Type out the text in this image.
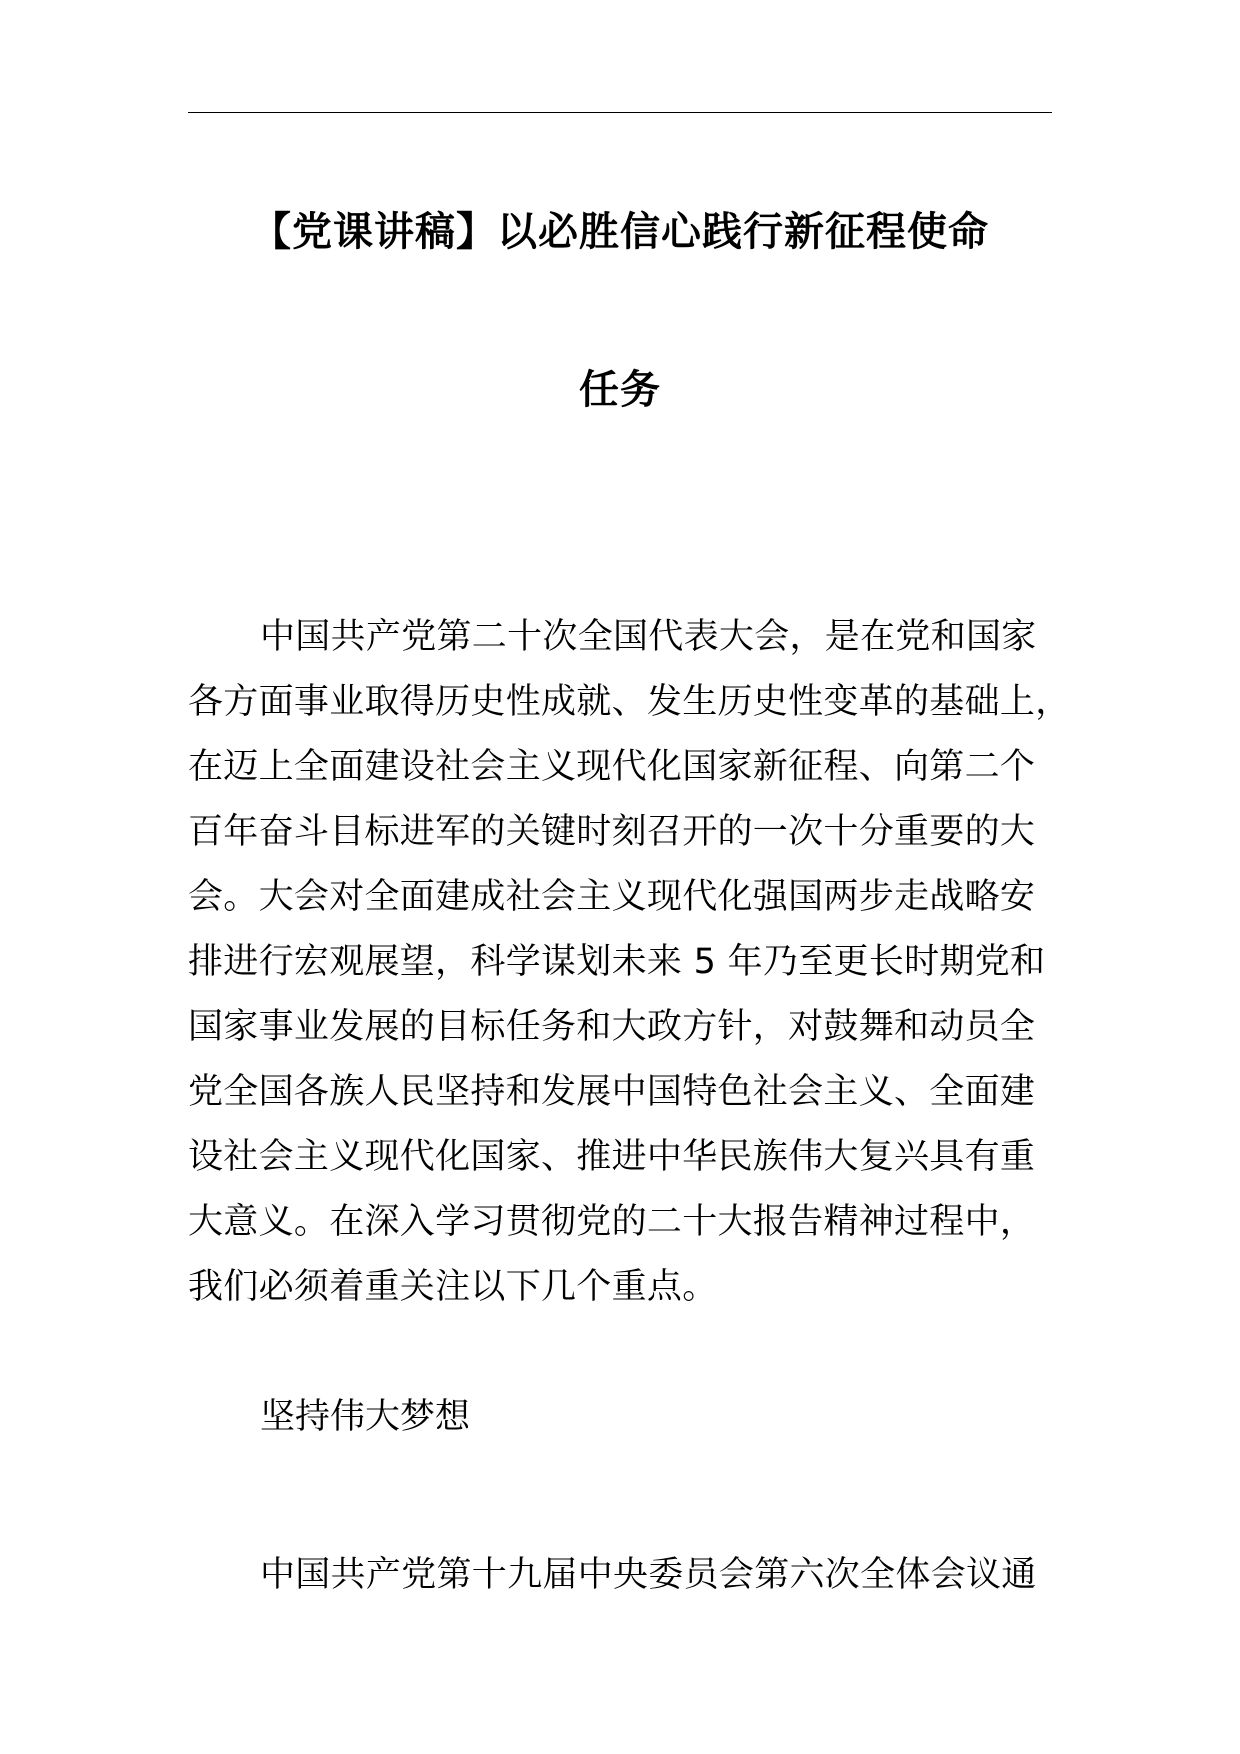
【党课讲稿】以必胜信心践行新征程使命
任务
中国共产党第二十次全国代表大会，是在党和国家
各方面事业取得历史性成就、发生历史性变革的基础上，
在迈上全面建设社会主义现代化国家新征程、向第二个
百年奋斗目标进军的关键时刻召开的一次十分重要的大
会。大会对全面建成社会主义现代化强国两步走战略安
排进行宏观展望，科学谋划未来 5 年乃至更长时期党和
国家事业发展的目标任务和大政方针，对鼓舞和动员全
党全国各族人民坚持和发展中国特色社会主义、全面建
设社会主义现代化国家、推进中华民族伟大复兴具有重
大意义。在深入学习贯彻党的二十大报告精神过程中，
我们必须着重关注以下几个重点。
坚持伟大梦想
中国共产党第十九届中央委员会第六次全体会议通
